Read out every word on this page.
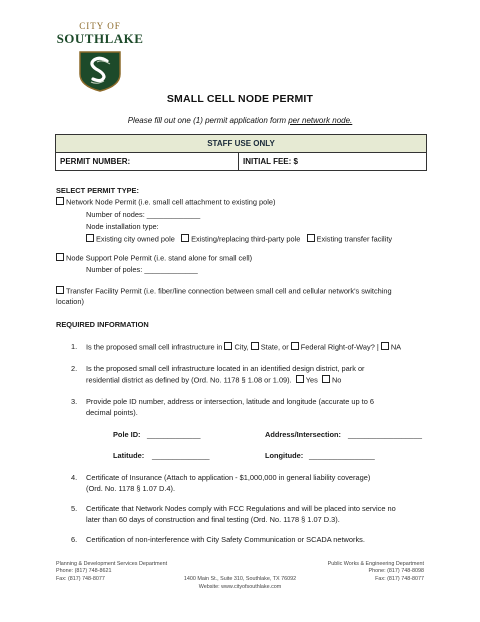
CITY OF
SOUTHLAKE
SMALL CELL NODE PERMIT
Please fill out one (1) permit application form per network node.
STAFF USE ONLY
PERMIT NUMBER:	INITIAL FEE: $
SELECT PERMIT TYPE:
Network Node Permit (i.e. small cell attachment to existing pole)
Number of nodes: _____________
Node installation type:
Existing city owned pole Existing/replacing third-party pole Existing transfer facility
Node Support Pole Permit (i.e. stand alone for small cell)
Number of poles: _____________
Transfer Facility Permit (i.e. fiber/line connection between small cell and cellular network's switching
location)
REQUIRED INFORMATION
1. Is the proposed small cell infrastructure in City, State, or Federal Right-of-Way? | NA
2. Is the proposed small cell infrastructure located in an identified design district, park or
residential district as defined by (Ord. No. 1178 § 1.08 or 1.09). Yes No
3. Provide pole ID number, address or intersection, latitude and longitude (accurate up to 6
decimal points).
Pole ID: _____________	Address/Intersection: __________________
Latitude: ______________	Longitude: ________________
4. Certificate of Insurance (Attach to application - $1,000,000 in general liability coverage)
(Ord. No. 1178 § 1.07 D.4).
5. Certificate that Network Nodes comply with FCC Regulations and will be placed into service no
later than 60 days of construction and final testing (Ord. No. 1178 § 1.07 D.3).
6. Certification of non-interference with City Safety Communication or SCADA networks.
Planning & Development Services Department
Phone: (817) 748-8621
Fax: (817) 748-8077
Public Works & Engineering Department
Phone: (817) 748-8098
Fax: (817) 748-8077
1400 Main St., Suite 310, Southlake, TX 76092
Website: www.cityofsouthlake.com
